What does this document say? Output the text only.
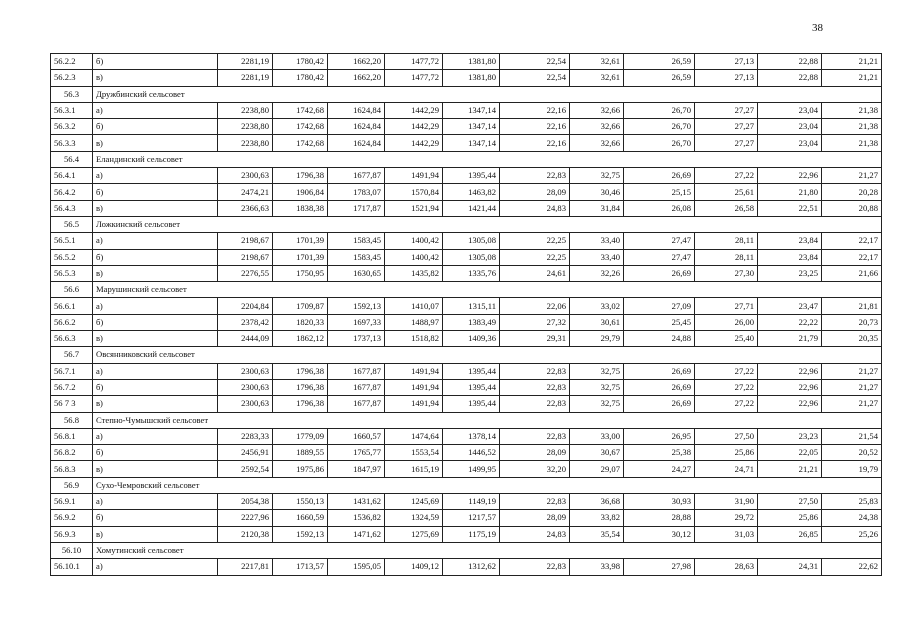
38
56.2.2	б)	2281,19	1780,42	1662,20	1477,72	1381,80	22,54	32,61	26,59	27,13	22,88	21,21
56.2.3	в)	2281,19	1780,42	1662,20	1477,72	1381,80	22,54	32,61	26,59	27,13	22,88	21,21
56.3	Дружбинский сельсовет											
56.3.1	а)	2238,80	1742,68	1624,84	1442,29	1347,14	22,16	32,66	26,70	27,27	23,04	21,38
56.3.2	б)	2238,80	1742,68	1624,84	1442,29	1347,14	22,16	32,66	26,70	27,27	23,04	21,38
56.3.3	в)	2238,80	1742,68	1624,84	1442,29	1347,14	22,16	32,66	26,70	27,27	23,04	21,38
56.4	Еландинский сельсовет											
56.4.1	а)	2300,63	1796,38	1677,87	1491,94	1395,44	22,83	32,75	26,69	27,22	22,96	21,27
56.4.2	б)	2474,21	1906,84	1783,07	1570,84	1463,82	28,09	30,46	25,15	25,61	21,80	20,28
56.4.3	в)	2366,63	1838,38	1717,87	1521,94	1421,44	24,83	31,84	26,08	26,58	22,51	20,88
56.5	Ложкинский сельсовет											
56.5.1	а)	2198,67	1701,39	1583,45	1400,42	1305,08	22,25	33,40	27,47	28,11	23,84	22,17
56.5.2	б)	2198,67	1701,39	1583,45	1400,42	1305,08	22,25	33,40	27,47	28,11	23,84	22,17
56.5.3	в)	2276,55	1750,95	1630,65	1435,82	1335,76	24,61	32,26	26,69	27,30	23,25	21,66
56.6	Марушинский сельсовет											
56.6.1	а)	2204,84	1709,87	1592,13	1410,07	1315,11	22,06	33,02	27,09	27,71	23,47	21,81
56.6.2	б)	2378,42	1820,33	1697,33	1488,97	1383,49	27,32	30,61	25,45	26,00	22,22	20,73
56.6.3	в)	2444,09	1862,12	1737,13	1518,82	1409,36	29,31	29,79	24,88	25,40	21,79	20,35
56.7	Овсянниковский сельсовет											
56.7.1	а)	2300,63	1796,38	1677,87	1491,94	1395,44	22,83	32,75	26,69	27,22	22,96	21,27
56.7.2	б)	2300,63	1796,38	1677,87	1491,94	1395,44	22,83	32,75	26,69	27,22	22,96	21,27
56 7 3	в)	2300,63	1796,38	1677,87	1491,94	1395,44	22,83	32,75	26,69	27,22	22,96	21,27
56.8	Степно-Чумышский сельсовет											
56.8.1	а)	2283,33	1779,09	1660,57	1474,64	1378,14	22,83	33,00	26,95	27,50	23,23	21,54
56.8.2	б)	2456,91	1889,55	1765,77	1553,54	1446,52	28,09	30,67	25,38	25,86	22,05	20,52
56.8.3	в)	2592,54	1975,86	1847,97	1615,19	1499,95	32,20	29,07	24,27	24,71	21,21	19,79
56.9	Сухо-Чемровский сельсовет											
56.9.1	а)	2054,38	1550,13	1431,62	1245,69	1149,19	22,83	36,68	30,93	31,90	27,50	25,83
56.9.2	б)	2227,96	1660,59	1536,82	1324,59	1217,57	28,09	33,82	28,88	29,72	25,86	24,38
56.9.3	в)	2120,38	1592,13	1471,62	1275,69	1175,19	24,83	35,54	30,12	31,03	26,85	25,26
56.10	Хомутинский сельсовет											
56.10.1	а)	2217,81	1713,57	1595,05	1409,12	1312,62	22,83	33,98	27,98	28,63	24,31	22,62
